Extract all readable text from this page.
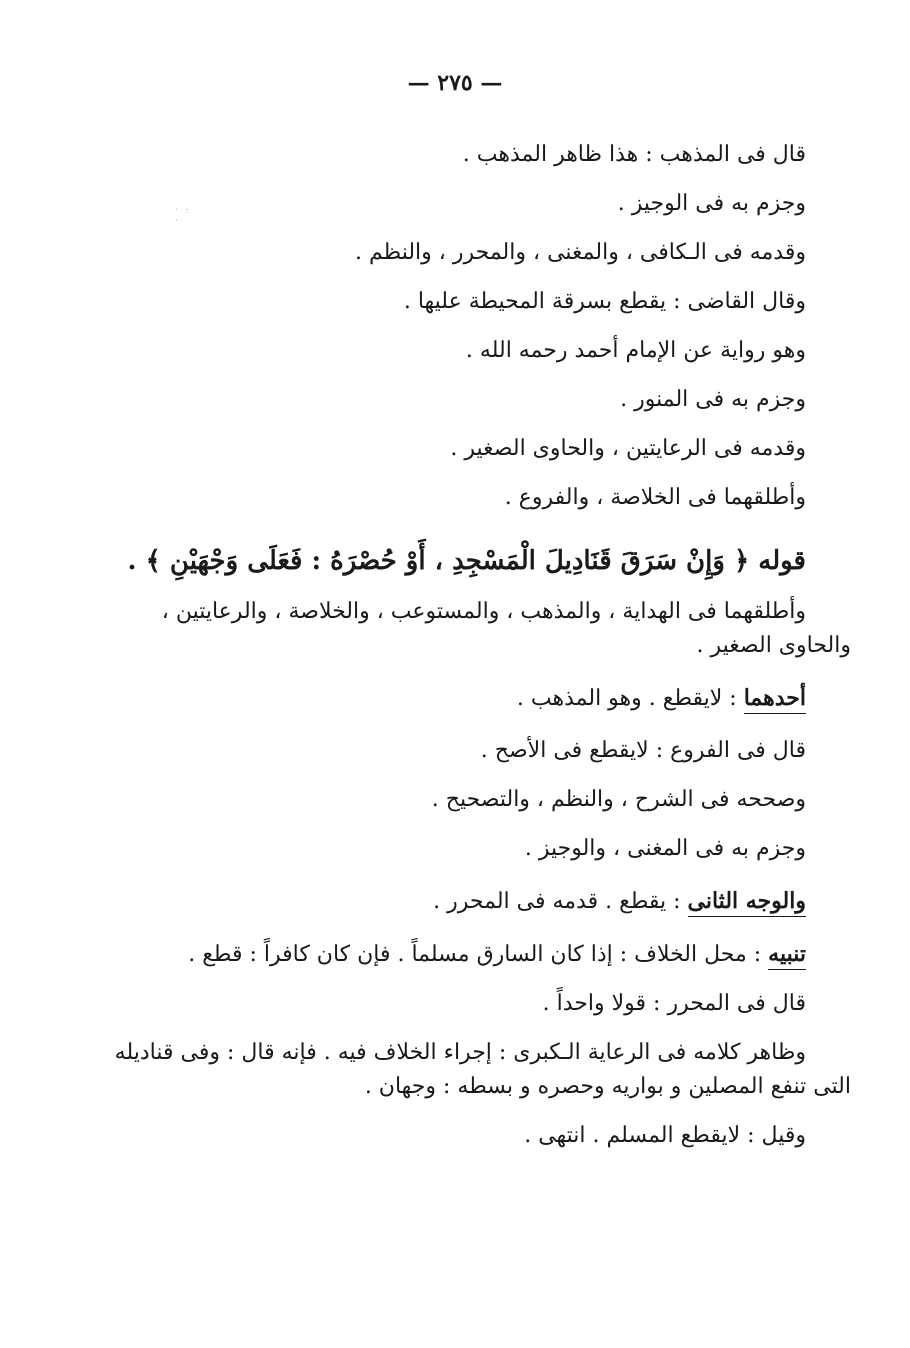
— ٢٧٥ —
· : ·

قال فى المذهب : هذا ظاهر المذهب .

وجزم به فى الوجيز .

وقدمه فى الـكافى ، والمغنى ، والمحرر ، والنظم .

وقال القاضى : يقطع بسرقة المحيطة عليها .

وهو رواية عن الإمام أحمد رحمه الله .

وجزم به فى المنور .

وقدمه فى الرعايتين ، والحاوى الصغير .

وأطلقهما فى الخلاصة ، والفروع .

قوله ﴿ وَإِنْ سَرَقَ قَنَادِيلَ الْمَسْجِدِ ، أَوْ حُصْرَهُ : فَعَلَى وَجْهَيْنِ ﴾ .

وأطلقهما فى الهداية ، والمذهب ، والمستوعب ، والخلاصة ، والرعايتين ،

والحاوى الصغير .

أحدهما : لايقطع . وهو المذهب .

قال فى الفروع : لايقطع فى الأصح .

وصححه فى الشرح ، والنظم ، والتصحيح .

وجزم به فى المغنى ، والوجيز .

والوجه الثانى : يقطع . قدمه فى المحرر .

تنبيه : محل الخلاف : إذا كان السارق مسلماً . فإن كان كافراً : قطع .

قال فى المحرر : قولا واحداً .

وظاهر كلامه فى الرعاية الـكبرى : إجراء الخلاف فيه . فإنه قال : وفى قناديله

التى تنفع المصلين و بواريه وحصره و بسطه : وجهان .

وقيل : لايقطع المسلم . انتهى .
